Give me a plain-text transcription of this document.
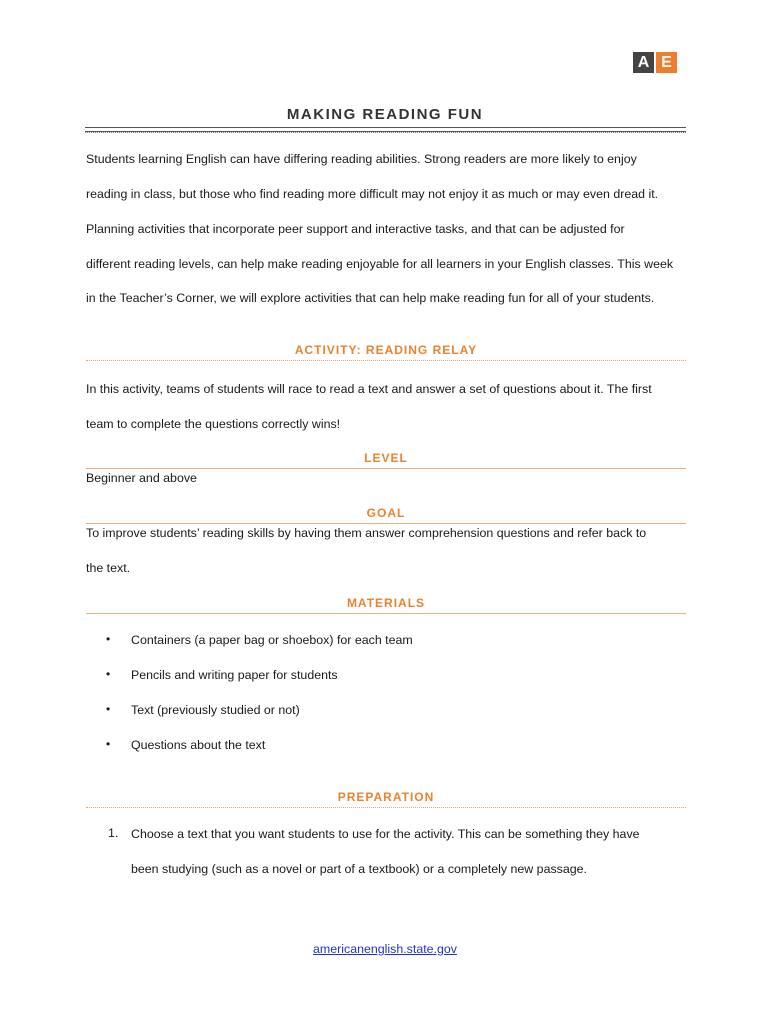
A E
MAKING READING FUN

Students learning English can have differing reading abilities. Strong readers are more likely to enjoy

reading in class, but those who find reading more difficult may not enjoy it as much or may even dread it.

Planning activities that incorporate peer support and interactive tasks, and that can be adjusted for

different reading levels, can help make reading enjoyable for all learners in your English classes. This week

in the Teacher’s Corner, we will explore activities that can help make reading fun for all of your students.

ACTIVITY: READING RELAY

In this activity, teams of students will race to read a text and answer a set of questions about it. The first

team to complete the questions correctly wins!

LEVEL

Beginner and above

GOAL

To improve students’ reading skills by having them answer comprehension questions and refer back to

the text.

MATERIALS
• Containers (a paper bag or shoebox) for each team

• Pencils and writing paper for students

• Text (previously studied or not)

• Questions about the text

PREPARATION
1. Choose a text that you want students to use for the activity. This can be something they have

been studying (such as a novel or part of a textbook) or a completely new passage.

americanenglish.state.gov
